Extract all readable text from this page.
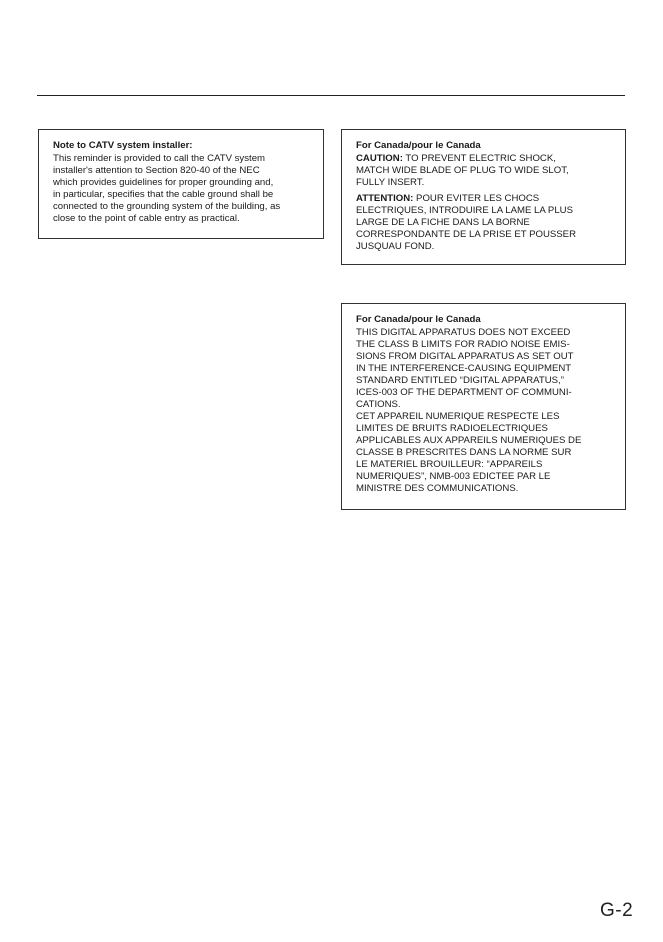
Note to CATV system installer:
This reminder is provided to call the CATV system
installer's attention to Section 820-40 of the NEC
which provides guidelines for proper grounding and,
in particular, specifies that the cable ground shall be
connected to the grounding system of the building, as
close to the point of cable entry as practical.
For Canada/pour le Canada
CAUTION: TO PREVENT ELECTRIC SHOCK,
MATCH WIDE BLADE OF PLUG TO WIDE SLOT,
FULLY INSERT.
ATTENTION: POUR EVITER LES CHOCS
ELECTRIQUES, INTRODUIRE LA LAME LA PLUS
LARGE DE LA FICHE DANS LA BORNE
CORRESPONDANTE DE LA PRISE ET POUSSER
JUSQUAU FOND.
For Canada/pour le Canada
THIS DIGITAL APPARATUS DOES NOT EXCEED
THE CLASS B LIMITS FOR RADIO NOISE EMIS-
SIONS FROM DIGITAL APPARATUS AS SET OUT
IN THE INTERFERENCE-CAUSING EQUIPMENT
STANDARD ENTITLED “DIGITAL APPARATUS,”
ICES-003 OF THE DEPARTMENT OF COMMUNI-
CATIONS.
CET APPAREIL NUMERIQUE RESPECTE LES
LIMITES DE BRUITS RADIOELECTRIQUES
APPLICABLES AUX APPAREILS NUMERIQUES DE
CLASSE B PRESCRITES DANS LA NORME SUR
LE MATERIEL BROUILLEUR: “APPAREILS
NUMERIQUES”, NMB-003 EDICTEE PAR LE
MINISTRE DES COMMUNICATIONS.
G-2
